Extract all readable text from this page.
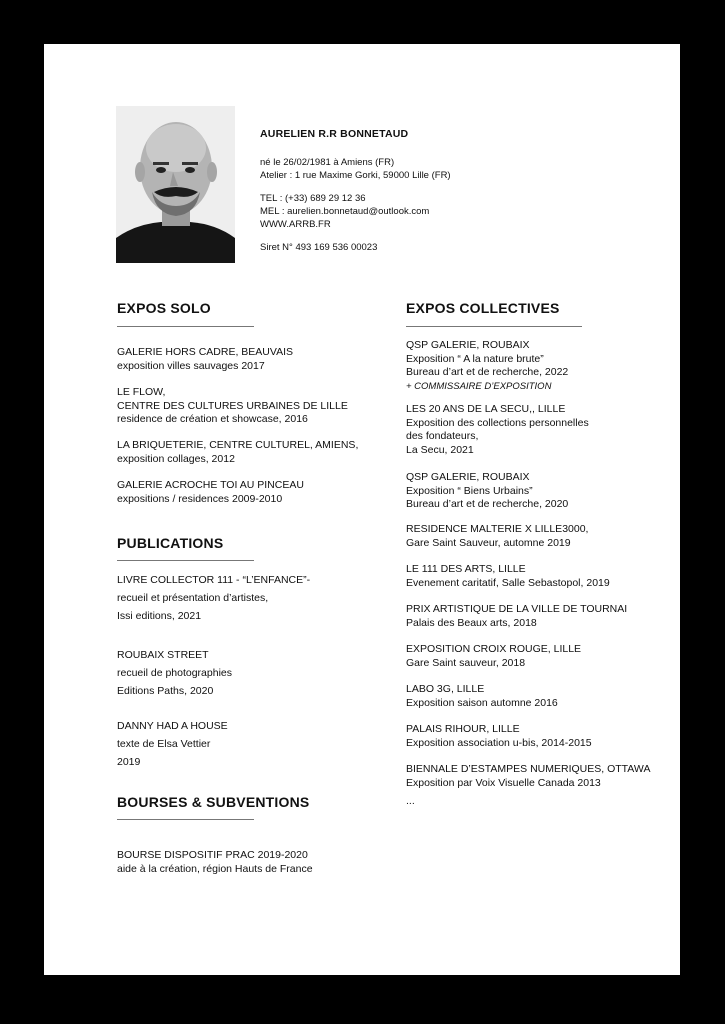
AURELIEN R.R BONNETAUD
né le 26/02/1981 à Amiens (FR)
Atelier : 1 rue Maxime Gorki, 59000 Lille (FR)
TEL : (+33) 689 29 12 36
MEL : aurelien.bonnetaud@outlook.com
WWW.ARRB.FR
Siret N° 493 169 536 00023
EXPOS SOLO
GALERIE HORS CADRE, BEAUVAIS
exposition villes sauvages 2017
LE FLOW,
CENTRE DES CULTURES URBAINES DE LILLE
residence de création et showcase, 2016
LA BRIQUETERIE, CENTRE CULTUREL, AMIENS,
exposition collages, 2012
GALERIE ACROCHE TOI AU PINCEAU
expositions / residences 2009-2010
PUBLICATIONS
LIVRE COLLECTOR 111 - “L’ENFANCE”-
recueil et présentation d’artistes,
Issi editions, 2021
ROUBAIX STREET
recueil de photographies
Editions Paths, 2020
DANNY HAD A HOUSE
texte de Elsa Vettier
2019
BOURSES & SUBVENTIONS
BOURSE DISPOSITIF PRAC 2019-2020
aide à la création, région Hauts de France
EXPOS COLLECTIVES
QSP GALERIE, ROUBAIX
Exposition “ A la nature brute”
Bureau d’art et de recherche, 2022
+ COMMISSAIRE D’EXPOSITION
LES 20 ANS DE LA SECU,, LILLE
Exposition des collections personnelles
des fondateurs,
La Secu, 2021
QSP GALERIE, ROUBAIX
Exposition “ Biens Urbains”
Bureau d’art et de recherche, 2020
RESIDENCE MALTERIE X LILLE3000,
Gare Saint Sauveur, automne 2019
LE 111 DES ARTS, LILLE
Evenement caritatif, Salle Sebastopol, 2019
PRIX ARTISTIQUE DE LA VILLE DE TOURNAI
Palais des Beaux arts, 2018
EXPOSITION CROIX ROUGE, LILLE
Gare Saint sauveur, 2018
LABO 3G, LILLE
Exposition saison automne 2016
PALAIS RIHOUR, LILLE
Exposition association u-bis, 2014-2015
BIENNALE D’ESTAMPES NUMERIQUES, OTTAWA
Exposition par Voix Visuelle Canada 2013
...
